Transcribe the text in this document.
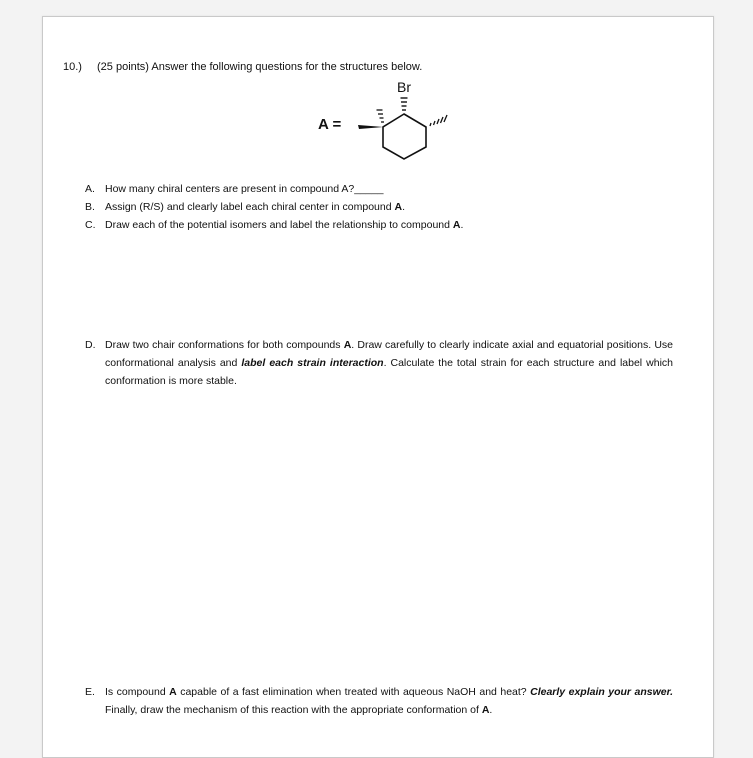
10.) (25 points) Answer the following questions for the structures below.
A =
Br
A. How many chiral centers are present in compound A?_____
B. Assign (R/S) and clearly label each chiral center in compound A.
C. Draw each of the potential isomers and label the relationship to compound A.
D. Draw two chair conformations for both compounds A. Draw carefully to clearly indicate axial and equatorial positions. Use conformational analysis and label each strain interaction. Calculate the total strain for each structure and label which conformation is more stable.
E. Is compound A capable of a fast elimination when treated with aqueous NaOH and heat? Clearly explain your answer. Finally, draw the mechanism of this reaction with the appropriate conformation of A.
